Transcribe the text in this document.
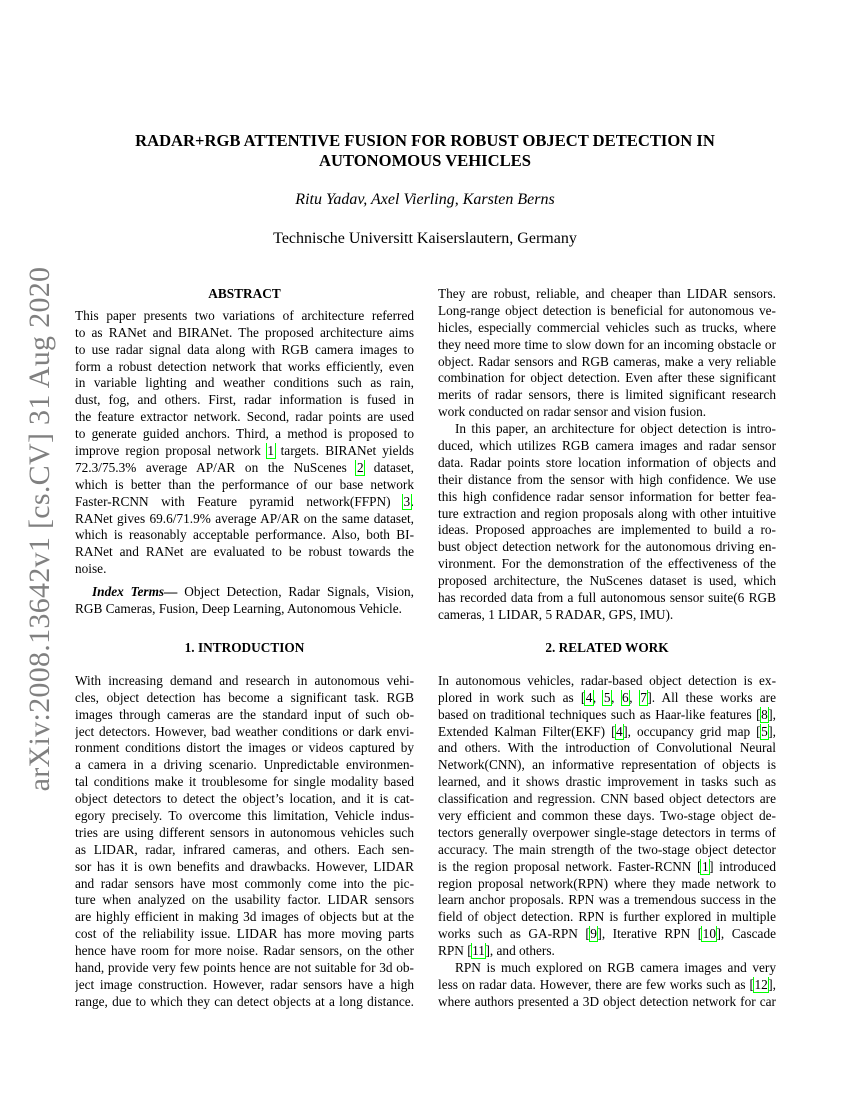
arXiv:2008.13642v1 [cs.CV] 31 Aug 2020
RADAR+RGB ATTENTIVE FUSION FOR ROBUST OBJECT DETECTION IN
AUTONOMOUS VEHICLES
Ritu Yadav, Axel Vierling, Karsten Berns
Technische Universitt Kaiserslautern, Germany
ABSTRACT
This paper presents two variations of architecture referred
to as RANet and BIRANet. The proposed architecture aims
to use radar signal data along with RGB camera images to
form a robust detection network that works efficiently, even
in variable lighting and weather conditions such as rain,
dust, fog, and others. First, radar information is fused in
the feature extractor network. Second, radar points are used
to generate guided anchors. Third, a method is proposed to
improve region proposal network 1 targets. BIRANet yields
72.3/75.3% average AP/AR on the NuScenes 2 dataset,
which is better than the performance of our base network
Faster-RCNN with Feature pyramid network(FFPN) 3.
RANet gives 69.6/71.9% average AP/AR on the same dataset,
which is reasonably acceptable performance. Also, both BI-
RANet and RANet are evaluated to be robust towards the
noise.
Index Terms— Object Detection, Radar Signals, Vision,
RGB Cameras, Fusion, Deep Learning, Autonomous Vehicle.
1. INTRODUCTION
With increasing demand and research in autonomous vehi-
cles, object detection has become a significant task. RGB
images through cameras are the standard input of such ob-
ject detectors. However, bad weather conditions or dark envi-
ronment conditions distort the images or videos captured by
a camera in a driving scenario. Unpredictable environmen-
tal conditions make it troublesome for single modality based
object detectors to detect the object’s location, and it is cat-
egory precisely. To overcome this limitation, Vehicle indus-
tries are using different sensors in autonomous vehicles such
as LIDAR, radar, infrared cameras, and others. Each sen-
sor has it is own benefits and drawbacks. However, LIDAR
and radar sensors have most commonly come into the pic-
ture when analyzed on the usability factor. LIDAR sensors
are highly efficient in making 3d images of objects but at the
cost of the reliability issue. LIDAR has more moving parts
hence have room for more noise. Radar sensors, on the other
hand, provide very few points hence are not suitable for 3d ob-
ject image construction. However, radar sensors have a high
range, due to which they can detect objects at a long distance.
They are robust, reliable, and cheaper than LIDAR sensors.
Long-range object detection is beneficial for autonomous ve-
hicles, especially commercial vehicles such as trucks, where
they need more time to slow down for an incoming obstacle or
object. Radar sensors and RGB cameras, make a very reliable
combination for object detection. Even after these significant
merits of radar sensors, there is limited significant research
work conducted on radar sensor and vision fusion.
In this paper, an architecture for object detection is intro-
duced, which utilizes RGB camera images and radar sensor
data. Radar points store location information of objects and
their distance from the sensor with high confidence. We use
this high confidence radar sensor information for better fea-
ture extraction and region proposals along with other intuitive
ideas. Proposed approaches are implemented to build a ro-
bust object detection network for the autonomous driving en-
vironment. For the demonstration of the effectiveness of the
proposed architecture, the NuScenes dataset is used, which
has recorded data from a full autonomous sensor suite(6 RGB
cameras, 1 LIDAR, 5 RADAR, GPS, IMU).
2. RELATED WORK
In autonomous vehicles, radar-based object detection is ex-
plored in work such as [4, 5, 6, 7]. All these works are
based on traditional techniques such as Haar-like features [8],
Extended Kalman Filter(EKF) [4], occupancy grid map [5],
and others. With the introduction of Convolutional Neural
Network(CNN), an informative representation of objects is
learned, and it shows drastic improvement in tasks such as
classification and regression. CNN based object detectors are
very efficient and common these days. Two-stage object de-
tectors generally overpower single-stage detectors in terms of
accuracy. The main strength of the two-stage object detector
is the region proposal network. Faster-RCNN [1] introduced
region proposal network(RPN) where they made network to
learn anchor proposals. RPN was a tremendous success in the
field of object detection. RPN is further explored in multiple
works such as GA-RPN [9], Iterative RPN [10], Cascade
RPN [11], and others.
RPN is much explored on RGB camera images and very
less on radar data. However, there are few works such as [12],
where authors presented a 3D object detection network for car
